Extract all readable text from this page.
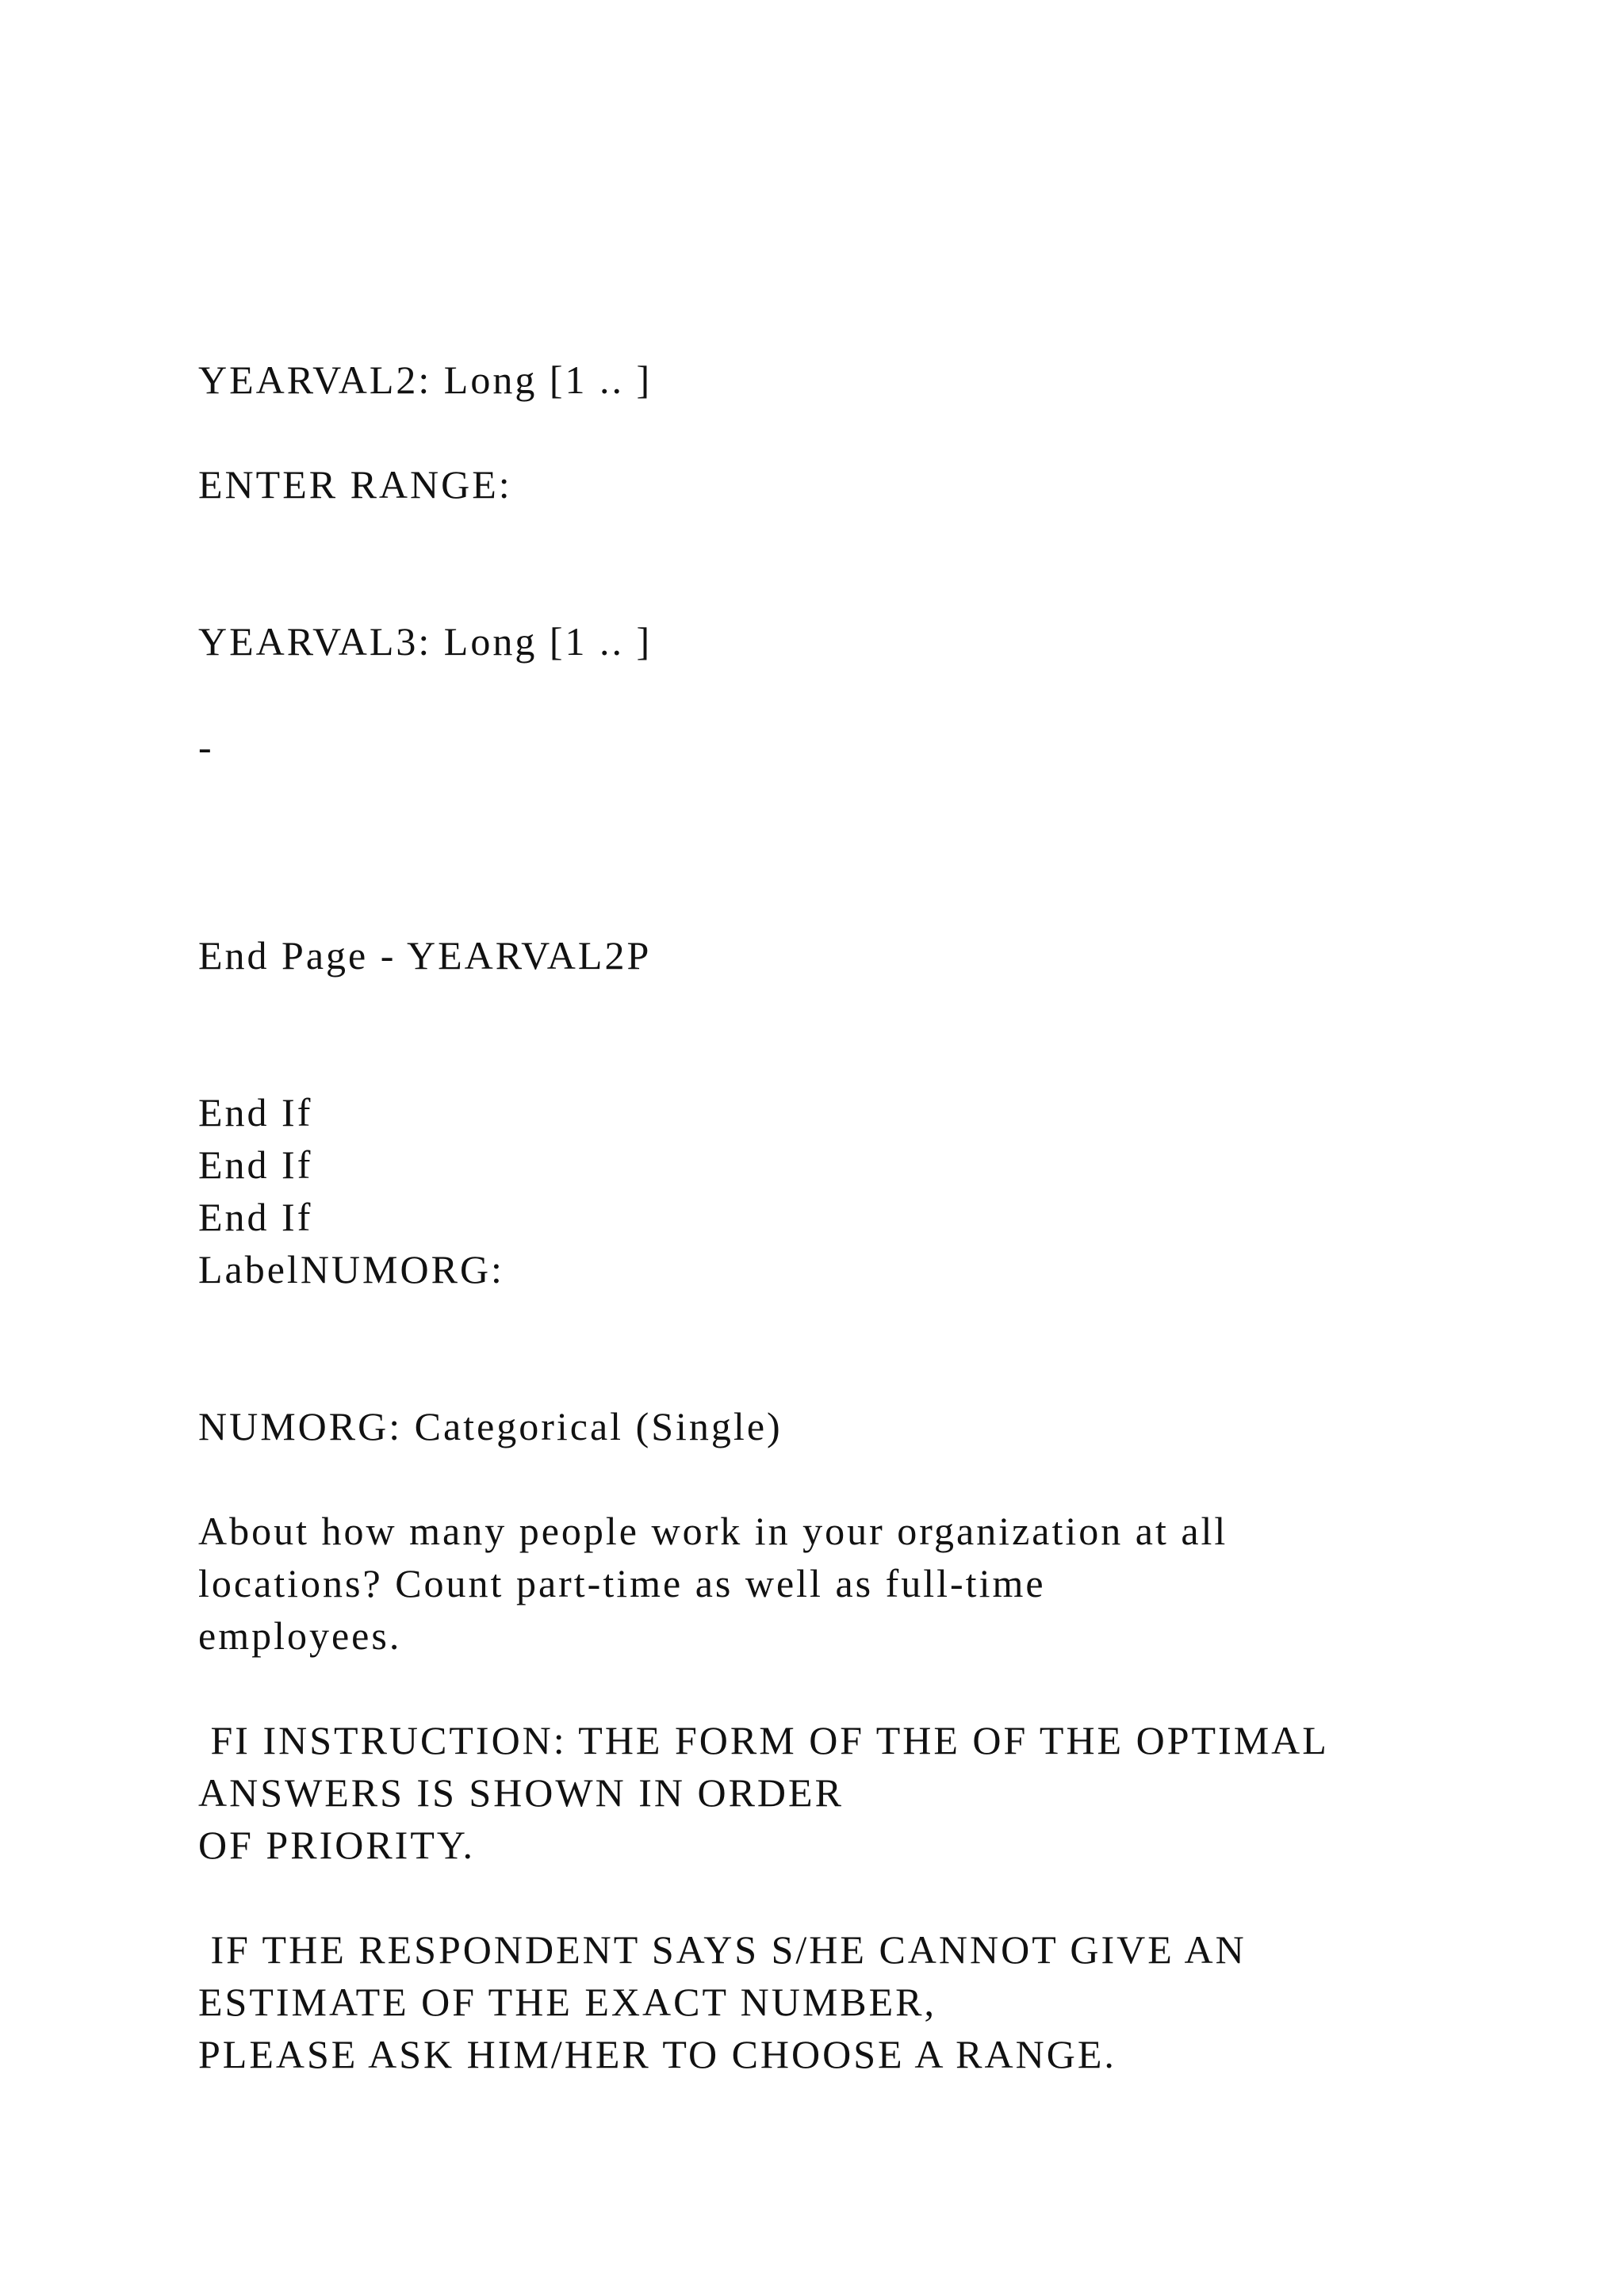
YEARVAL2: Long [1 .. ]

ENTER RANGE:

YEARVAL3: Long [1 .. ]

-

End Page - YEARVAL2P

End If

End If

End If

LabelNUMORG:

NUMORG: Categorical (Single)

About how many people work in your organization at all

locations? Count part-time as well as full-time

employees.

FI INSTRUCTION: THE FORM OF THE OF THE OPTIMAL

ANSWERS IS SHOWN IN ORDER

OF PRIORITY.

IF THE RESPONDENT SAYS S/HE CANNOT GIVE AN

ESTIMATE OF THE EXACT NUMBER,

PLEASE ASK HIM/HER TO CHOOSE A RANGE.
